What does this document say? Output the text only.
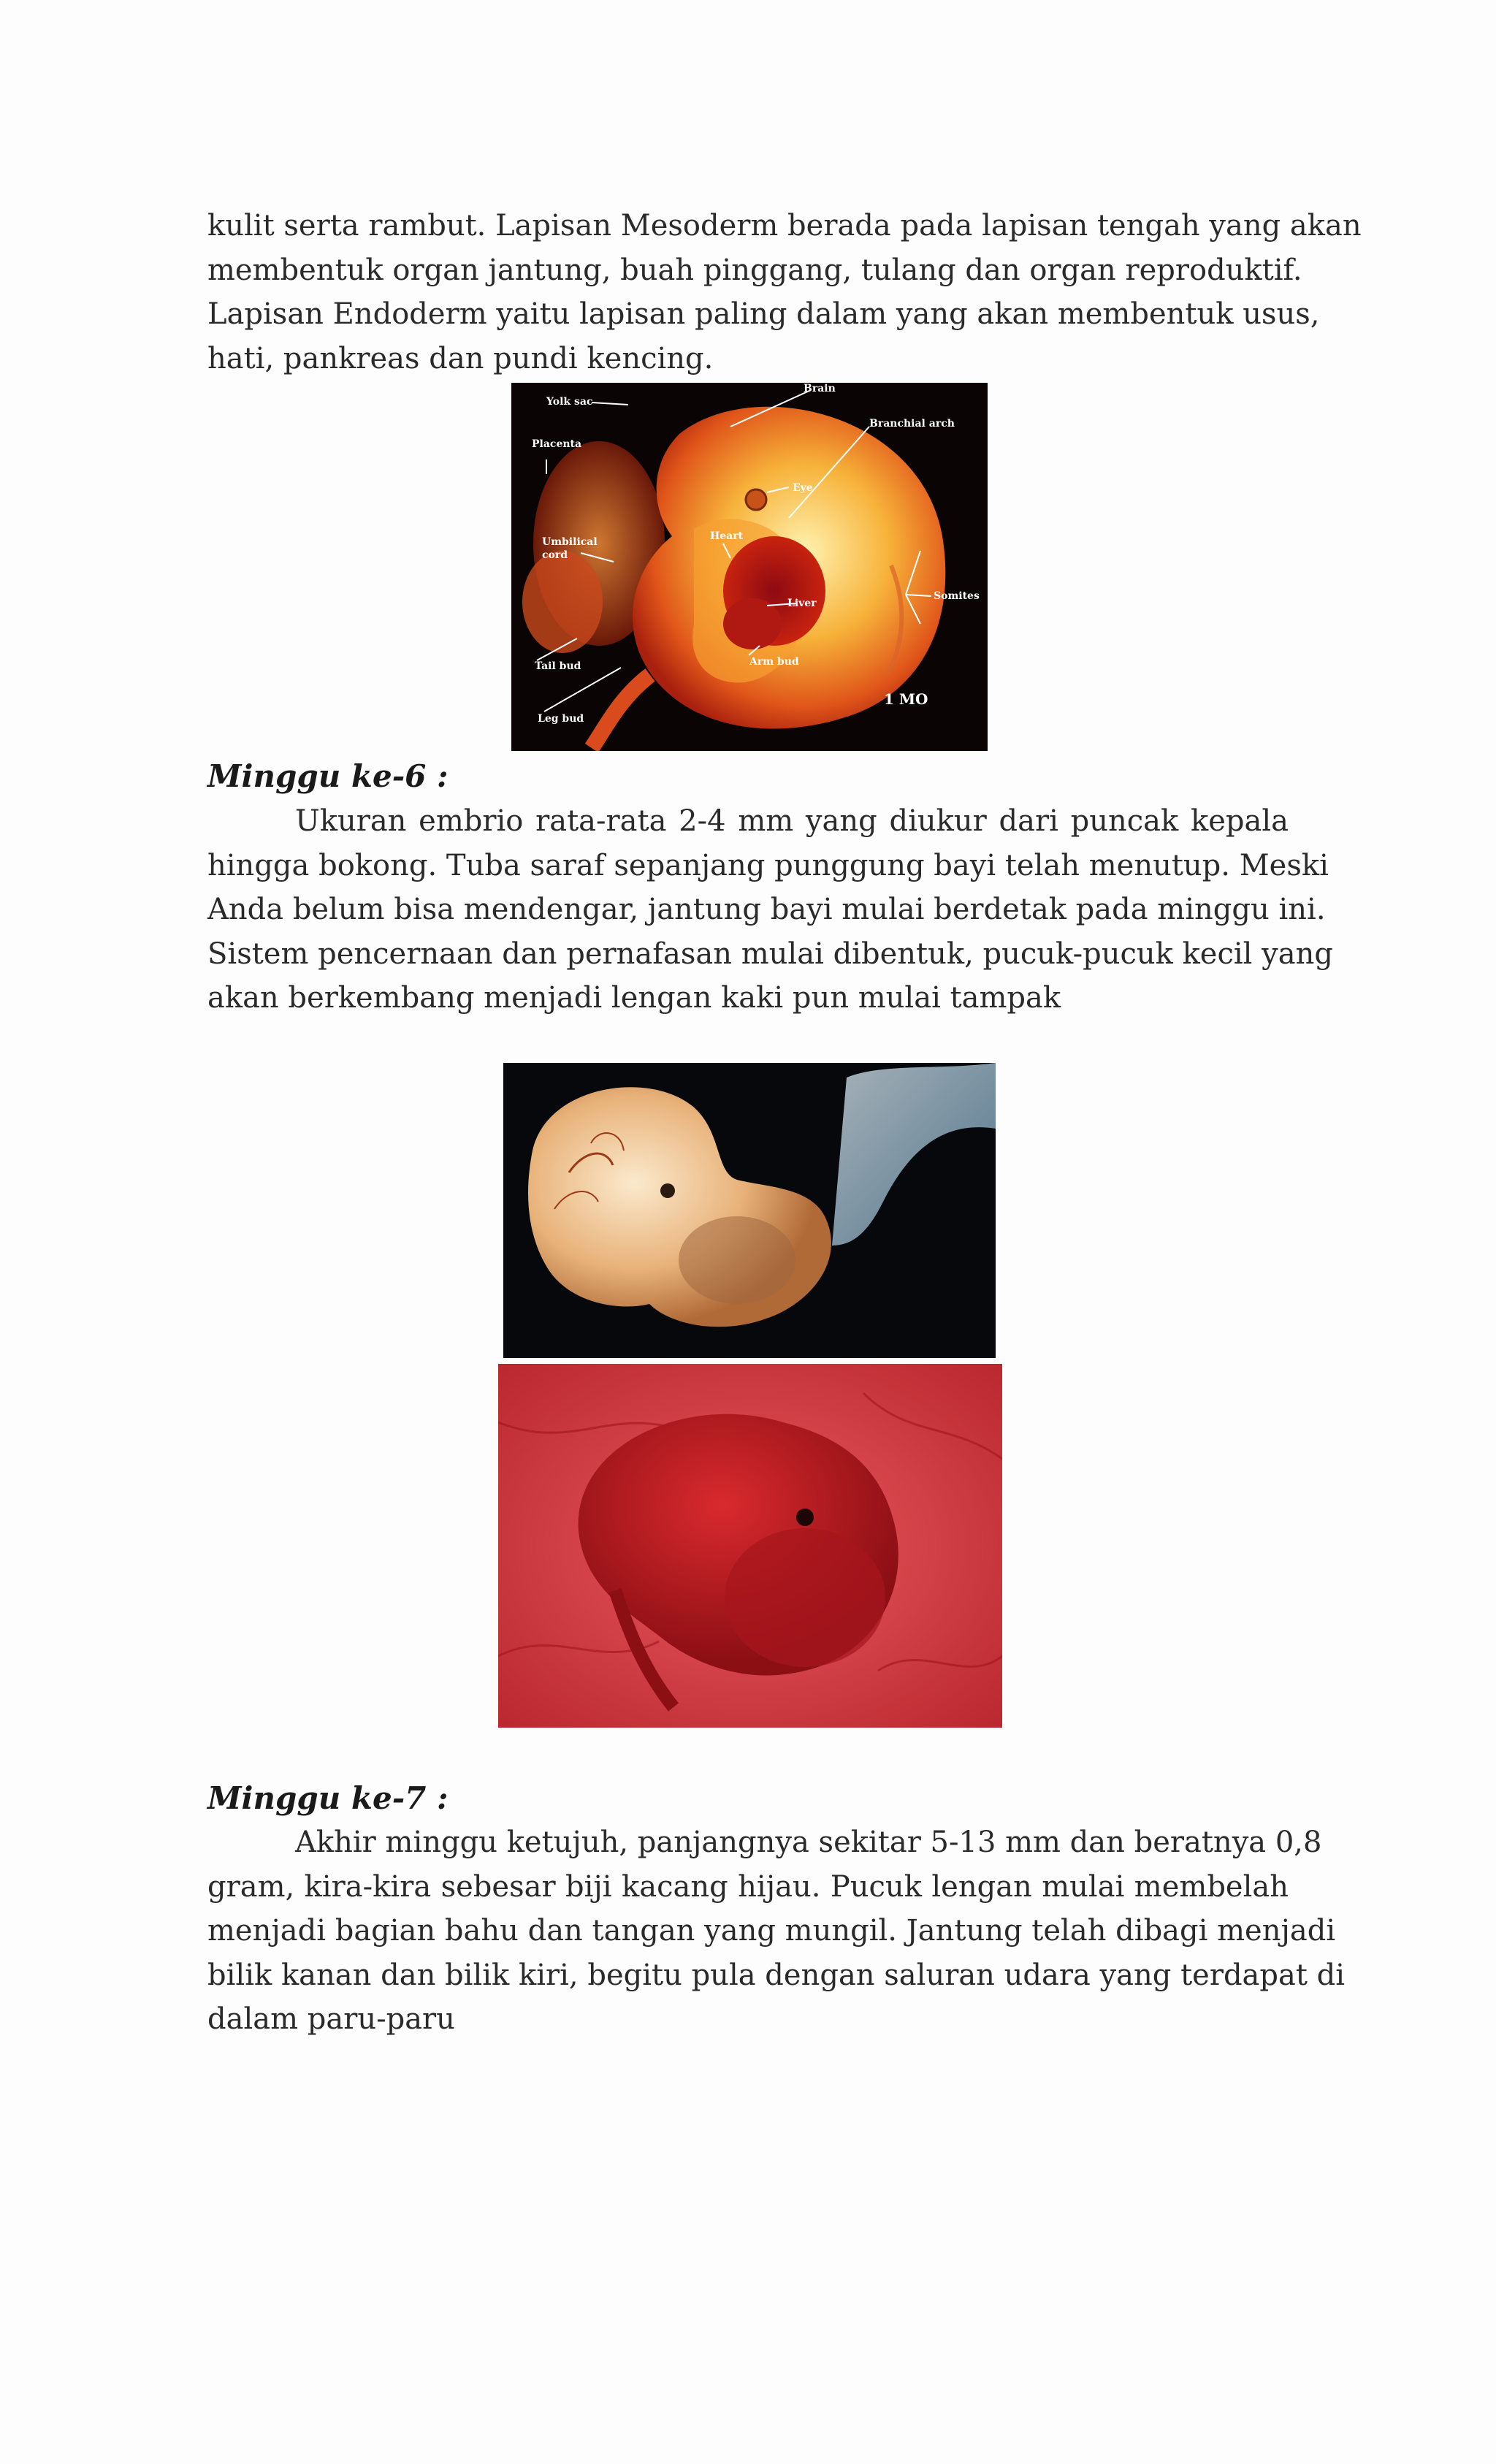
kulit serta rambut. Lapisan Mesoderm berada pada lapisan tengah yang akan
membentuk organ jantung, buah pinggang, tulang dan organ reproduktif.
Lapisan Endoderm yaitu lapisan paling dalam yang akan membentuk usus,
hati, pankreas dan pundi kencing.
Yolk sac
Brain
Branchial arch
Placenta
Eye
Umbilical
cord
Heart
Somites
Liver
Tail bud	Arm bud
Leg bud
1 MO
Minggu ke-6 :
Ukuran embrio rata-rata 2-4 mm yang diukur dari puncak kepala
hingga bokong. Tuba saraf sepanjang punggung bayi telah menutup. Meski
Anda belum bisa mendengar, jantung bayi mulai berdetak pada minggu ini.
Sistem pencernaan dan pernafasan mulai dibentuk, pucuk-pucuk kecil yang
akan berkembang menjadi lengan kaki pun mulai tampak
Minggu ke-7 :
Akhir minggu ketujuh, panjangnya sekitar 5-13 mm dan beratnya 0,8
gram, kira-kira sebesar biji kacang hijau. Pucuk lengan mulai membelah
menjadi bagian bahu dan tangan yang mungil. Jantung telah dibagi menjadi
bilik kanan dan bilik kiri, begitu pula dengan saluran udara yang terdapat di
dalam paru-paru
